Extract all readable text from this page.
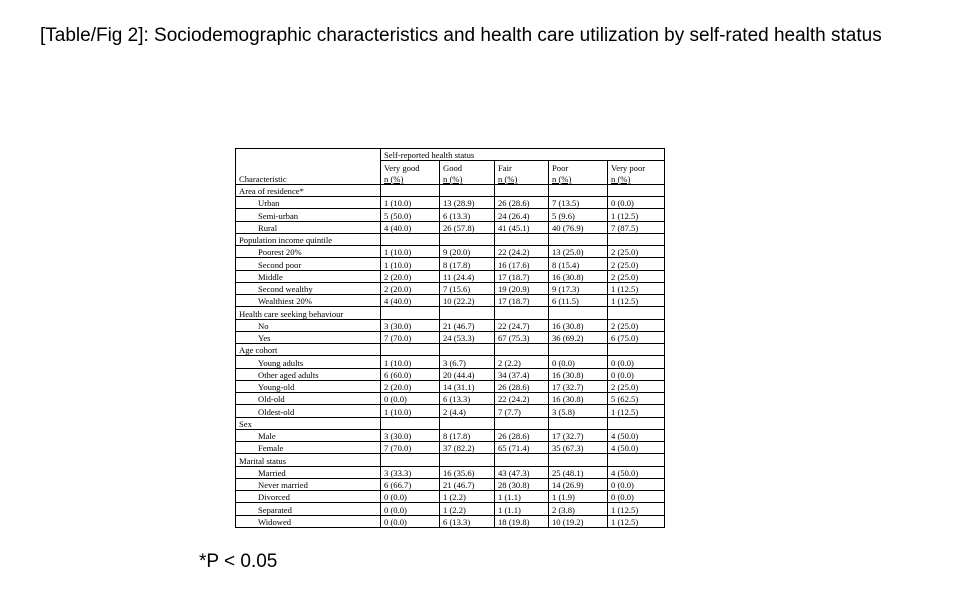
[Table/Fig 2]: Sociodemographic characteristics and health care utilization by self-rated health status
	Self-reported health status				
	Very good	Good	Fair	Poor	Very poor
Characteristic	n (%)	n (%)	n (%)	n (%)	n (%)
Area of residence*					
Urban	1 (10.0)	13 (28.9)	26 (28.6)	7 (13.5)	0 (0.0)
Semi-urban	5 (50.0)	6 (13.3)	24 (26.4)	5 (9.6)	1 (12.5)
Rural	4 (40.0)	26 (57.8)	41 (45.1)	40 (76.9)	7 (87.5)
Population income quintile					
Poorest 20%	1 (10.0)	9 (20.0)	22 (24.2)	13 (25.0)	2 (25.0)
Second poor	1 (10.0)	8 (17.8)	16 (17.6)	8 (15.4)	2 (25.0)
Middle	2 (20.0)	11 (24.4)	17 (18.7)	16 (30.8)	2 (25.0)
Second wealthy	2 (20.0)	7 (15.6)	19 (20.9)	9 (17.3)	1 (12.5)
Wealthiest 20%	4 (40.0)	10 (22.2)	17 (18.7)	6 (11.5)	1 (12.5)
Health care seeking behaviour					
No	3 (30.0)	21 (46.7)	22 (24.7)	16 (30.8)	2 (25.0)
Yes	7 (70.0)	24 (53.3)	67 (75.3)	36 (69.2)	6 (75.0)
Age cohort					
Young adults	1 (10.0)	3 (6.7)	2 (2.2)	0 (0.0)	0 (0.0)
Other aged adults	6 (60.0)	20 (44.4)	34 (37.4)	16 (30.8)	0 (0.0)
Young-old	2 (20.0)	14 (31.1)	26 (28.6)	17 (32.7)	2 (25.0)
Old-old	0 (0.0)	6 (13.3)	22 (24.2)	16 (30.8)	5 (62.5)
Oldest-old	1 (10.0)	2 (4.4)	7 (7.7)	3 (5.8)	1 (12.5)
Sex					
Male	3 (30.0)	8 (17.8)	26 (28.6)	17 (32.7)	4 (50.0)
Female	7 (70.0)	37 (82.2)	65 (71.4)	35 (67.3)	4 (50.0)
Marital status					
Married	3 (33.3)	16 (35.6)	43 (47.3)	25 (48.1)	4 (50.0)
Never married	6 (66.7)	21 (46.7)	28 (30.8)	14 (26.9)	0 (0.0)
Divorced	0 (0.0)	1 (2.2)	1 (1.1)	1 (1.9)	0 (0.0)
Separated	0 (0.0)	1 (2.2)	1 (1.1)	2 (3.8)	1 (12.5)
Widowed	0 (0.0)	6 (13.3)	18 (19.8)	10 (19.2)	1 (12.5)
*P < 0.05
